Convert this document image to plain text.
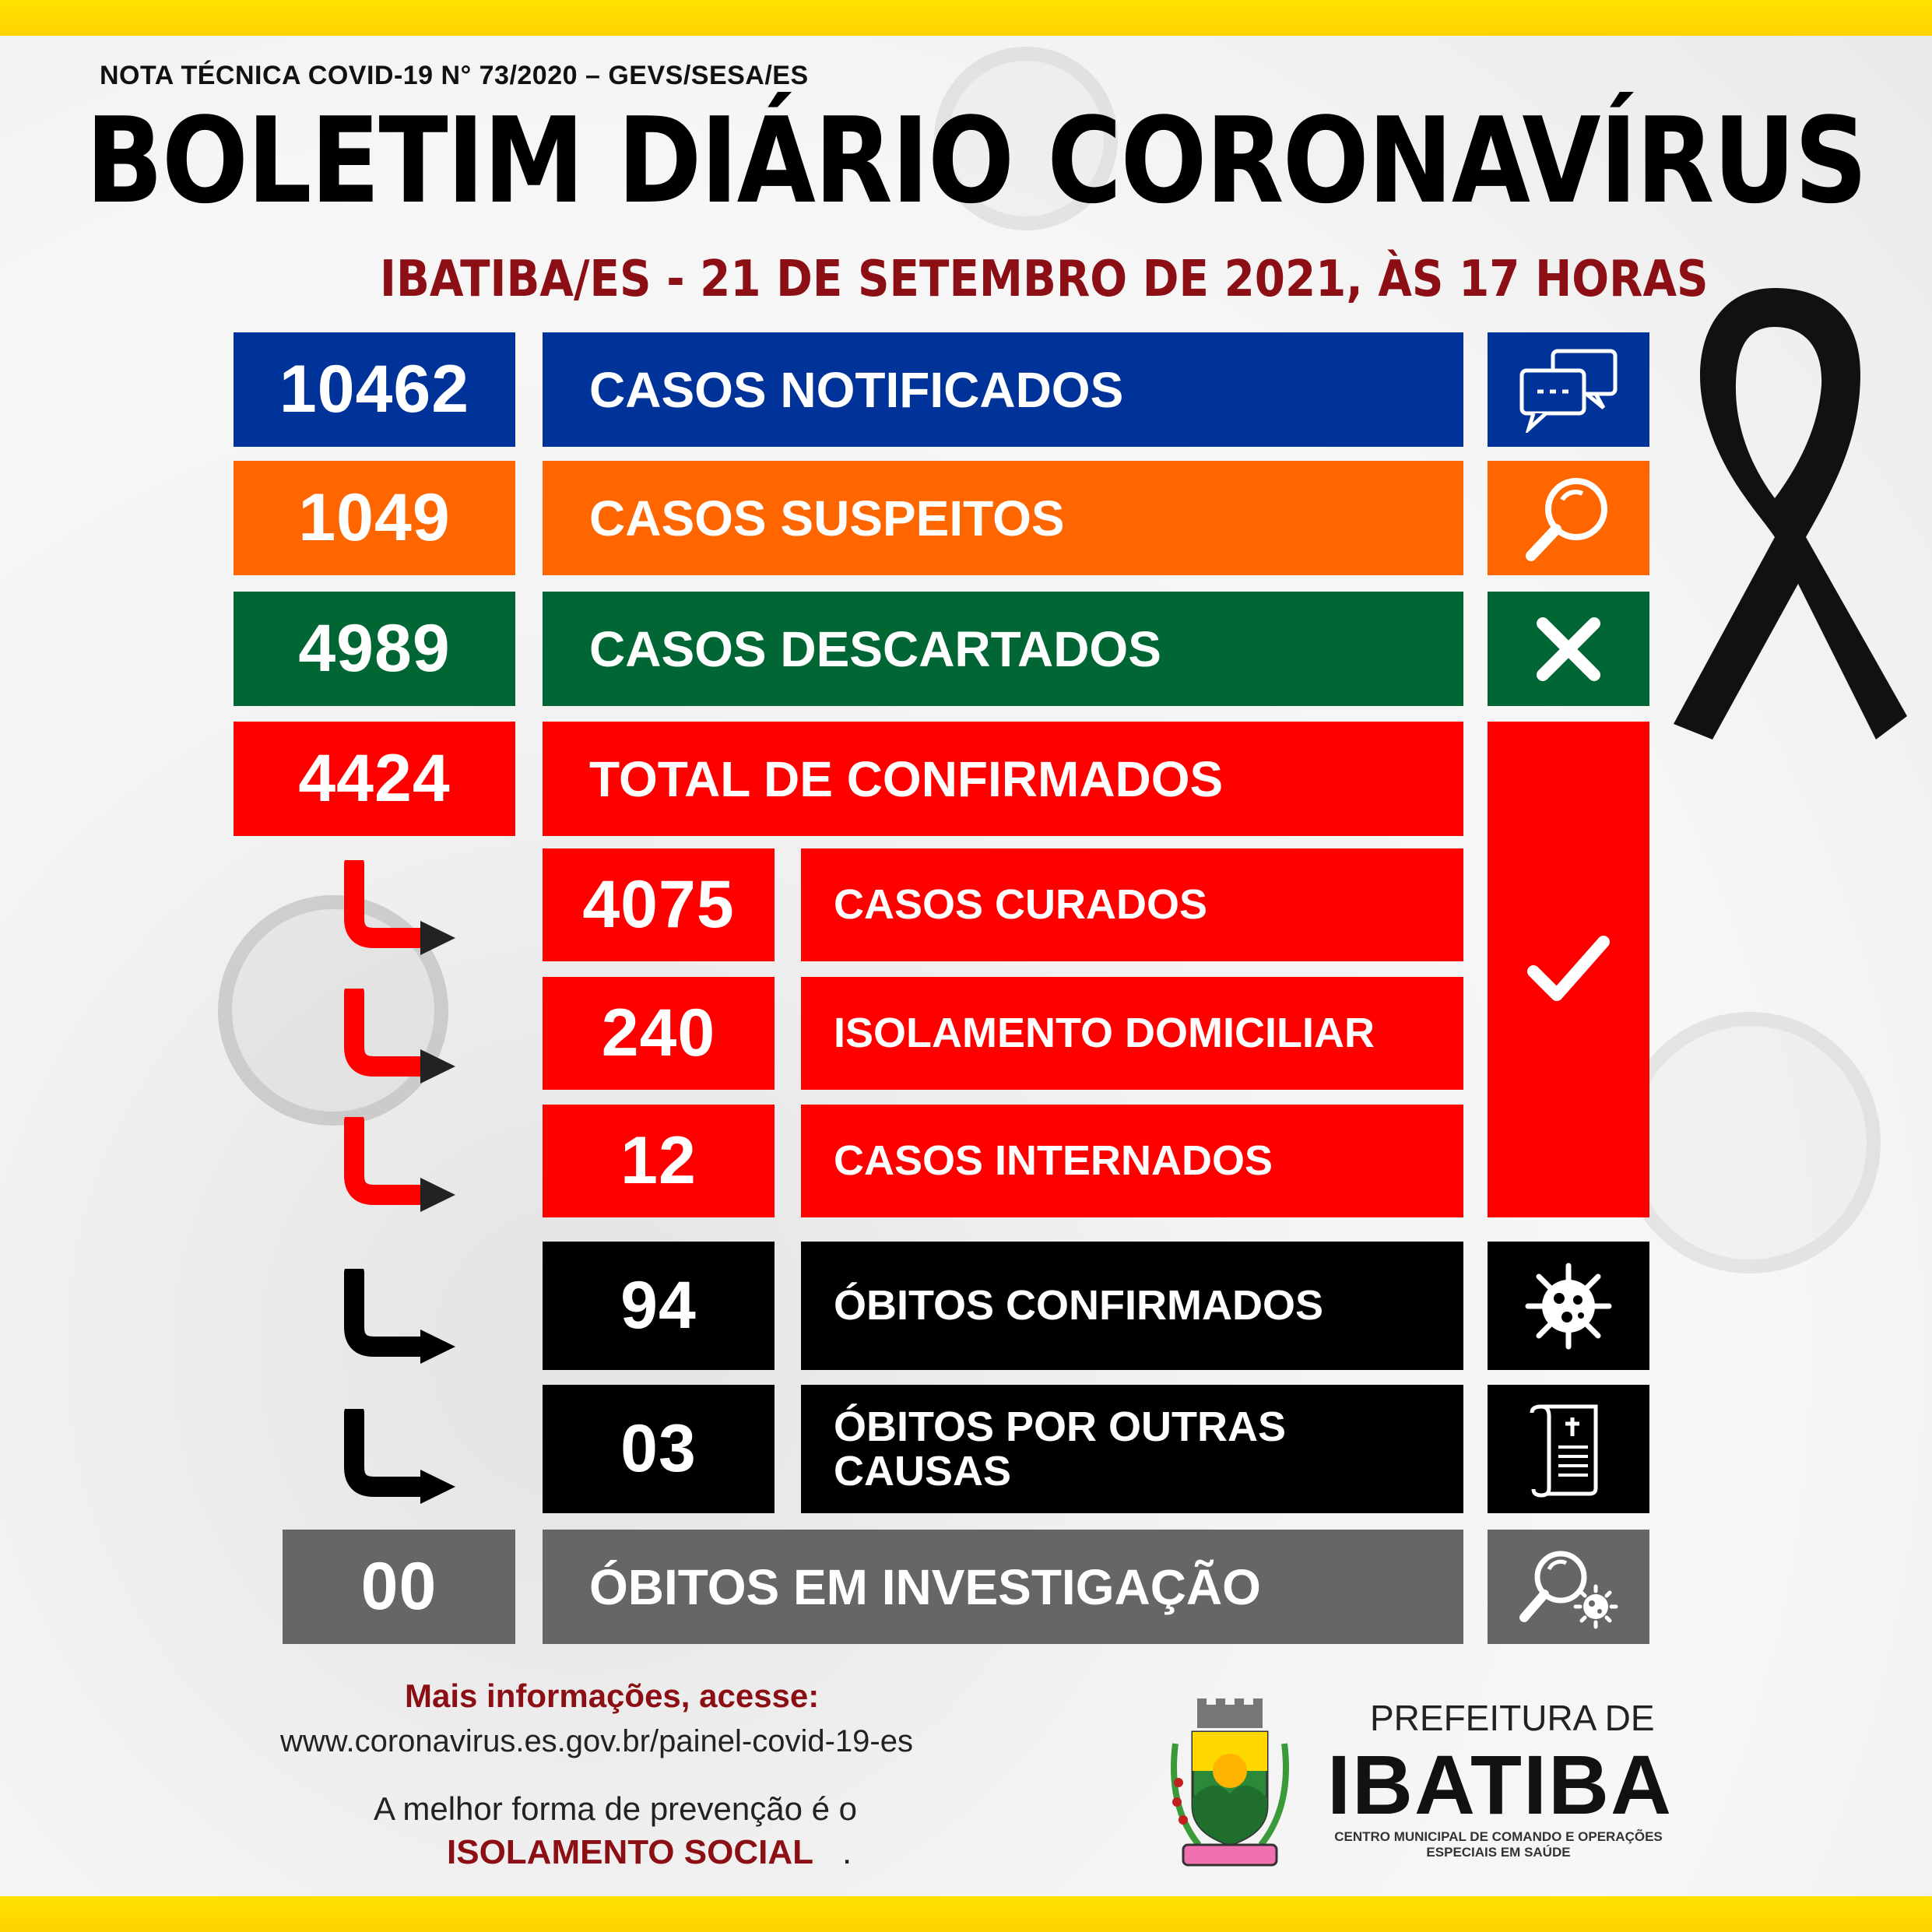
NOTA TÉCNICA COVID-19 N° 73/2020 – GEVS/SESA/ES
BOLETIM DIÁRIO CORONAVÍRUS
IBATIBA/ES - 21 DE SETEMBRO DE 2021, ÀS 17 HORAS
10462	CASOS NOTIFICADOS
1049	CASOS SUSPEITOS
4989	CASOS DESCARTADOS
4424	TOTAL DE CONFIRMADOS
4075	CASOS CURADOS
240	ISOLAMENTO DOMICILIAR
12	CASOS INTERNADOS
94	ÓBITOS CONFIRMADOS
03	ÓBITOS POR OUTRAS
CAUSAS
00	ÓBITOS EM INVESTIGAÇÃO
Mais informações, acesse:
www.coronavirus.es.gov.br/painel-covid-19-es
A melhor forma de prevenção é o
ISOLAMENTO SOCIAL .
PREFEITURA DE
IBATIBA
CENTRO MUNICIPAL DE COMANDO E OPERAÇÕES ESPECIAIS EM SAÚDE
